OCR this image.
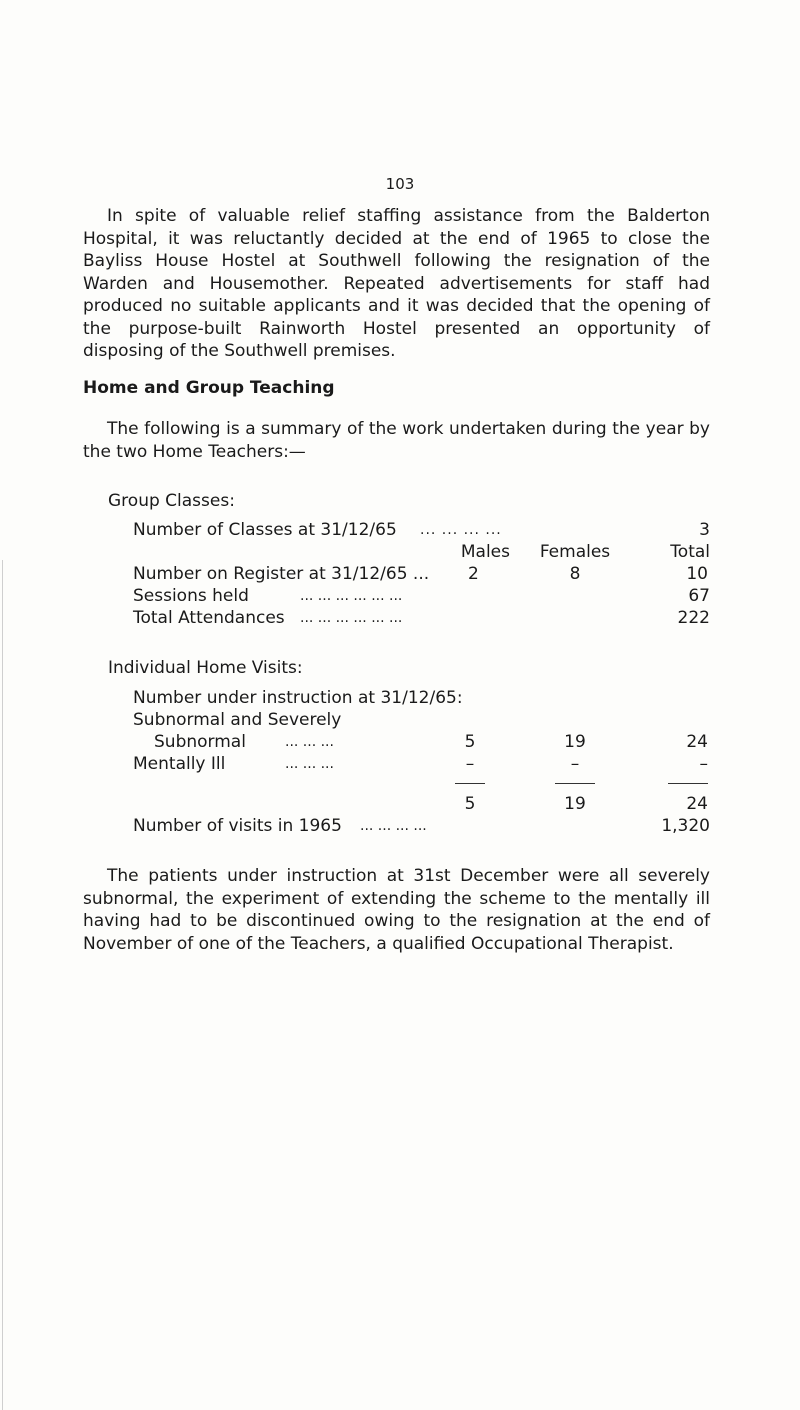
103

In spite of valuable relief staffing assistance from the Balderton Hospital, it was reluctantly decided at the end of 1965 to close the Bayliss House Hostel at Southwell following the resignation of the Warden and Housemother. Repeated advertisements for staff had produced no suitable applicants and it was decided that the opening of the purpose-built Rainworth Hostel presented an opportunity of disposing of the Southwell premises.

Home and Group Teaching

The following is a summary of the work undertaken during the year by the two Home Teachers:—

Group Classes:
Number of Classes at 31/12/65 ... ... ... ...	3
Males	Females	Total
Number on Register at 31/12/65 ... 2	8	10
Sessions held	... ... ... ... ... ...	67
Total Attendances ... ... ... ... ... ...	222
Individual Home Visits:
Number under instruction at 31/12/65:
Subnormal and Severely
Subnormal	... ... ...	5	19	24
Mentally Ill	... ... ...	–	–	–
5	19	24
Number of visits in 1965 ... ... ... ...	1,320

The patients under instruction at 31st December were all severely subnormal, the experiment of extending the scheme to the mentally ill having had to be discontinued owing to the resignation at the end of November of one of the Teachers, a qualified Occupational Therapist.
